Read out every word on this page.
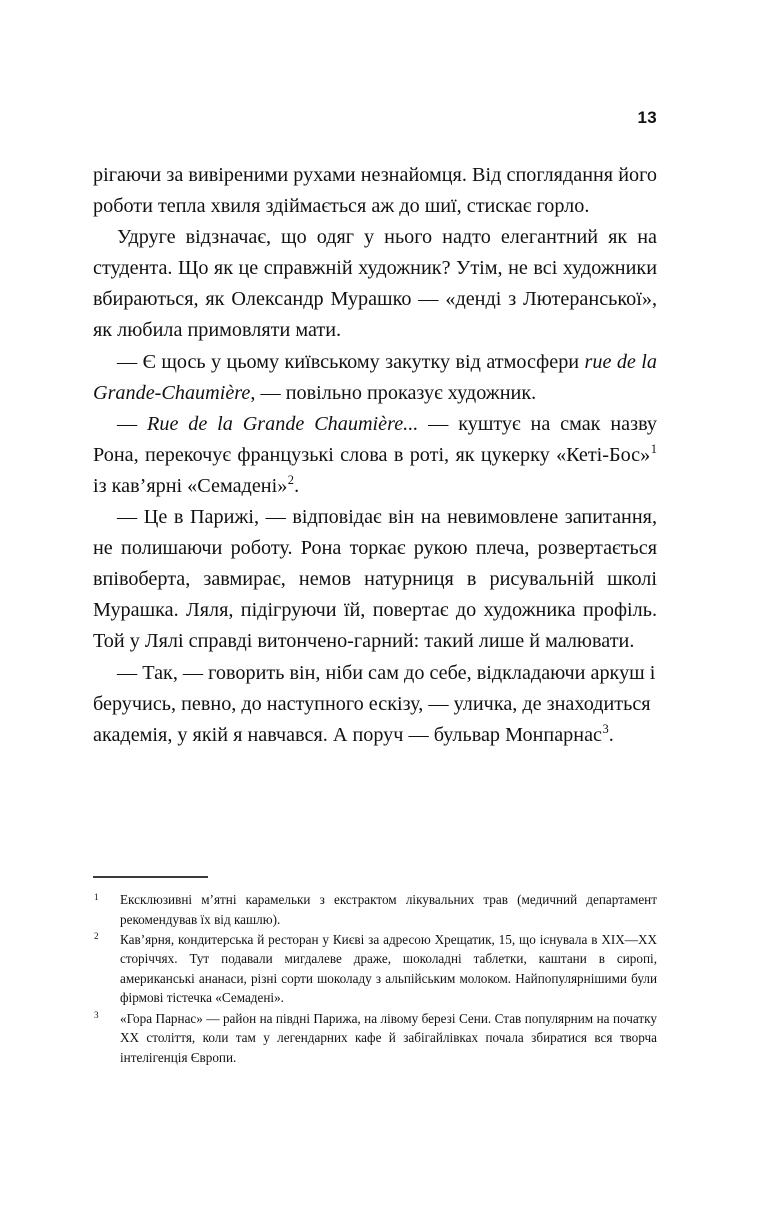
13

рігаючи за вивіреними рухами незнайомця. Від споглядання його роботи тепла хвиля здіймається аж до шиї, стискає горло.

Удруге відзначає, що одяг у нього надто елегантний як на студента. Що як це справжній художник? Утім, не всі художники вбираються, як Олександр Мурашко — «денді з Лютеранської», як любила примовляти мати.

— Є щось у цьому київському закутку від атмосфери rue de la Grande-Chaumière, — повільно проказує художник.

— Rue de la Grande Chaumière... — куштує на смак назву Рона, перекочує французькі слова в роті, як цукерку «Кеті-Бос»$^1$ із кав’ярні «Семадені»$^2$.

— Це в Парижі, — відповідає він на невимовлене запитання, не полишаючи роботу. Рона торкає рукою плеча, розвертається впівоберта, завмирає, немов натурниця в рисувальній школі Мурашка. Ляля, підігруючи їй, повертає до художника профіль. Той у Лялі справді витончено-гарний: такий лише й малювати.

— Так, — говорить він, ніби сам до себе, відкладаючи аркуш і беручись, певно, до наступного ескізу, — уличка, де знаходиться академія, у якій я навчався. А поруч — бульвар Монпарнас$^3$.

1 Ексклюзивні м’ятні карамельки з екстрактом лікувальних трав (медичний департамент рекомендував їх від кашлю).

2 Кав’ярня, кондитерська й ресторан у Києві за адресою Хрещатик, 15, що існувала в XIX—XX сторіччях. Тут подавали мигдалеве драже, шоколадні таблетки, каштани в сиропі, американські ананаси, різні сорти шоколаду з альпійським молоком. Найпопулярнішими були фірмові тістечка «Семадені».

3 «Гора Парнас» — район на півдні Парижа, на лівому березі Сени. Став популярним на початку XX століття, коли там у легендарних кафе й забігайлівках почала збиратися вся творча інтелігенція Європи.
